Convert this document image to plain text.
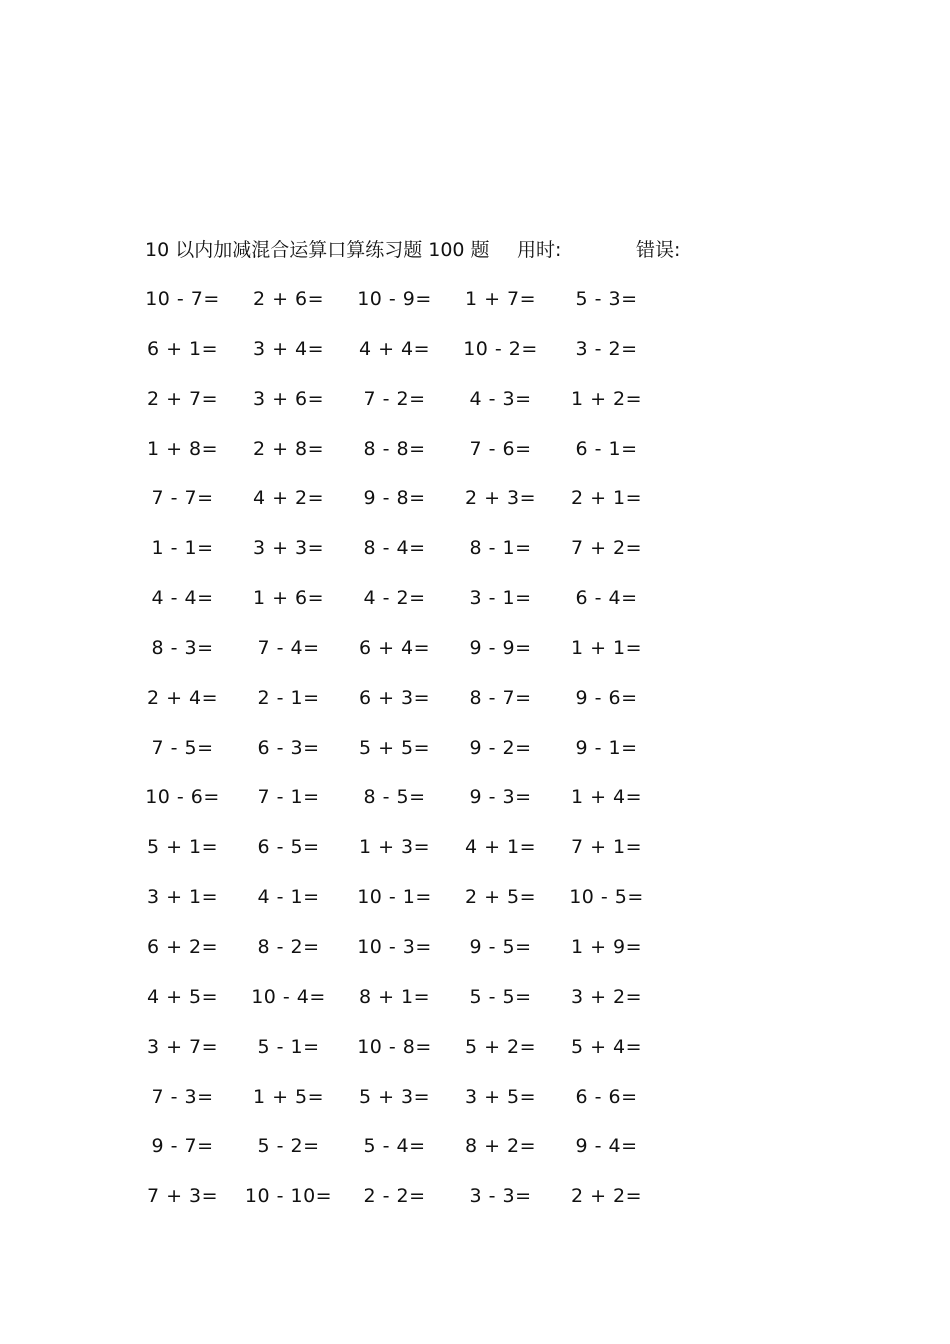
10 以内加减混合运算口算练习题 100 题 用时:	错误:
10 - 7=	2 + 6=	10 - 9=	1 + 7=	5 - 3=
6 + 1=	3 + 4=	4 + 4=	10 - 2=	3 - 2=
2 + 7=	3 + 6=	7 - 2=	4 - 3=	1 + 2=
1 + 8=	2 + 8=	8 - 8=	7 - 6=	6 - 1=
7 - 7=	4 + 2=	9 - 8=	2 + 3=	2 + 1=
1 - 1=	3 + 3=	8 - 4=	8 - 1=	7 + 2=
4 - 4=	1 + 6=	4 - 2=	3 - 1=	6 - 4=
8 - 3=	7 - 4=	6 + 4=	9 - 9=	1 + 1=
2 + 4=	2 - 1=	6 + 3=	8 - 7=	9 - 6=
7 - 5=	6 - 3=	5 + 5=	9 - 2=	9 - 1=
10 - 6=	7 - 1=	8 - 5=	9 - 3=	1 + 4=
5 + 1=	6 - 5=	1 + 3=	4 + 1=	7 + 1=
3 + 1=	4 - 1=	10 - 1=	2 + 5=	10 - 5=
6 + 2=	8 - 2=	10 - 3=	9 - 5=	1 + 9=
4 + 5=	10 - 4=	8 + 1=	5 - 5=	3 + 2=
3 + 7=	5 - 1=	10 - 8=	5 + 2=	5 + 4=
7 - 3=	1 + 5=	5 + 3=	3 + 5=	6 - 6=
9 - 7=	5 - 2=	5 - 4=	8 + 2=	9 - 4=
7 + 3=	10 - 10=	2 - 2=	3 - 3=	2 + 2=
